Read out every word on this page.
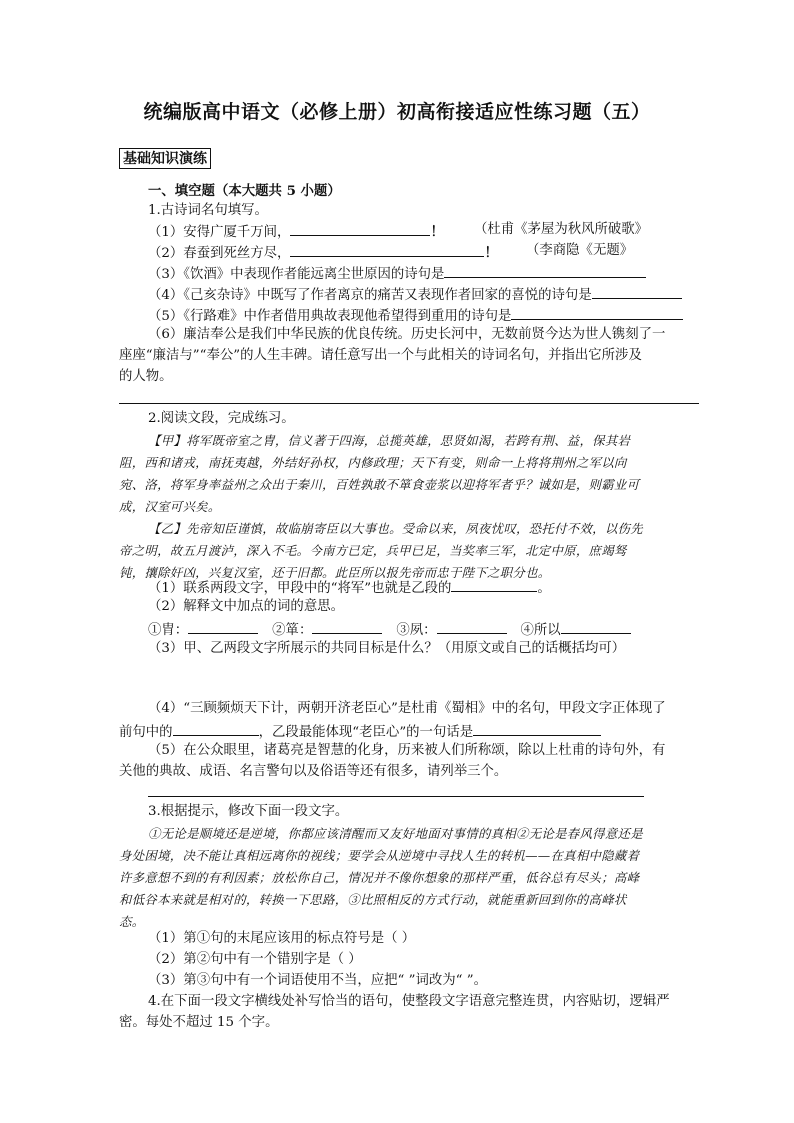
统编版高中语文（必修上册）初高衔接适应性练习题（五）
基础知识演练
一、填空题（本大题共 5 小题）
1.古诗词名句填写。
（1）安得广厦千万间，	！ （杜甫《茅屋为秋风所破歌》
（2）春蚕到死丝方尽，	！ （李商隐《无题》
（3）《饮酒》中表现作者能远离尘世原因的诗句是
（4）《己亥杂诗》中既写了作者离京的痛苦又表现作者回家的喜悦的诗句是
（5）《行路难》中作者借用典故表现他希望得到重用的诗句是
（6）廉洁奉公是我们中华民族的优良传统。历史长河中，无数前贤今达为世人镌刻了一
座座“廉洁与”“奉公”的人生丰碑。请任意写出一个与此相关的诗词名句，并指出它所涉及
的人物。
2.阅读文段，完成练习。
【甲】将军既帝室之胄，信义著于四海，总揽英雄，思贤如渴，若跨有荆、益，保其岩
阻，西和诸戎，南抚夷越，外结好孙权，内修政理；天下有变，则命一上将将荆州之军以向
宛、洛，将军身率益州之众出于秦川，百姓孰敢不箪食壶浆以迎将军者乎？诚如是，则霸业可
成，汉室可兴矣。
【乙】先帝知臣谨慎，故临崩寄臣以大事也。受命以来，夙夜忧叹，恐托付不效，以伤先
帝之明，故五月渡泸，深入不毛。今南方已定，兵甲已足，当奖率三军，北定中原，庶竭驽
钝，攘除奸凶，兴复汉室，还于旧都。此臣所以报先帝而忠于陛下之职分也。
（1）联系两段文字，甲段中的“将军”也就是乙段的	。
（2）解释文中加点的词的意思。
①胄：	②箪：	③夙：	④所以
（3）甲、乙两段文字所展示的共同目标是什么？（用原文或自己的话概括均可）
（4）“三顾频烦天下计，两朝开济老臣心”是杜甫《蜀相》中的名句，甲段文字正体现了
前句中的	，乙段最能体现“老臣心”的一句话是
（5）在公众眼里，诸葛亮是智慧的化身，历来被人们所称颂，除以上杜甫的诗句外，有
关他的典故、成语、名言警句以及俗语等还有很多，请列举三个。
3.根据提示，修改下面一段文字。
①无论是顺境还是逆境，你都应该清醒而又友好地面对事情的真相②无论是春风得意还是
身处困境，决不能让真相远离你的视线；要学会从逆境中寻找人生的转机——在真相中隐藏着
许多意想不到的有利因素；放松你自己，情况并不像你想象的那样严重，低谷总有尽头；高峰
和低谷本来就是相对的，转换一下思路，③比照相反的方式行动，就能重新回到你的高峰状
态。
（1）第①句的末尾应该用的标点符号是（ ）
（2）第②句中有一个错别字是（ ）
（3）第③句中有一个词语使用不当，应把“ ”词改为“ ”。
4.在下面一段文字横线处补写恰当的语句，使整段文字语意完整连贯，内容贴切，逻辑严
密。每处不超过 15 个字。
